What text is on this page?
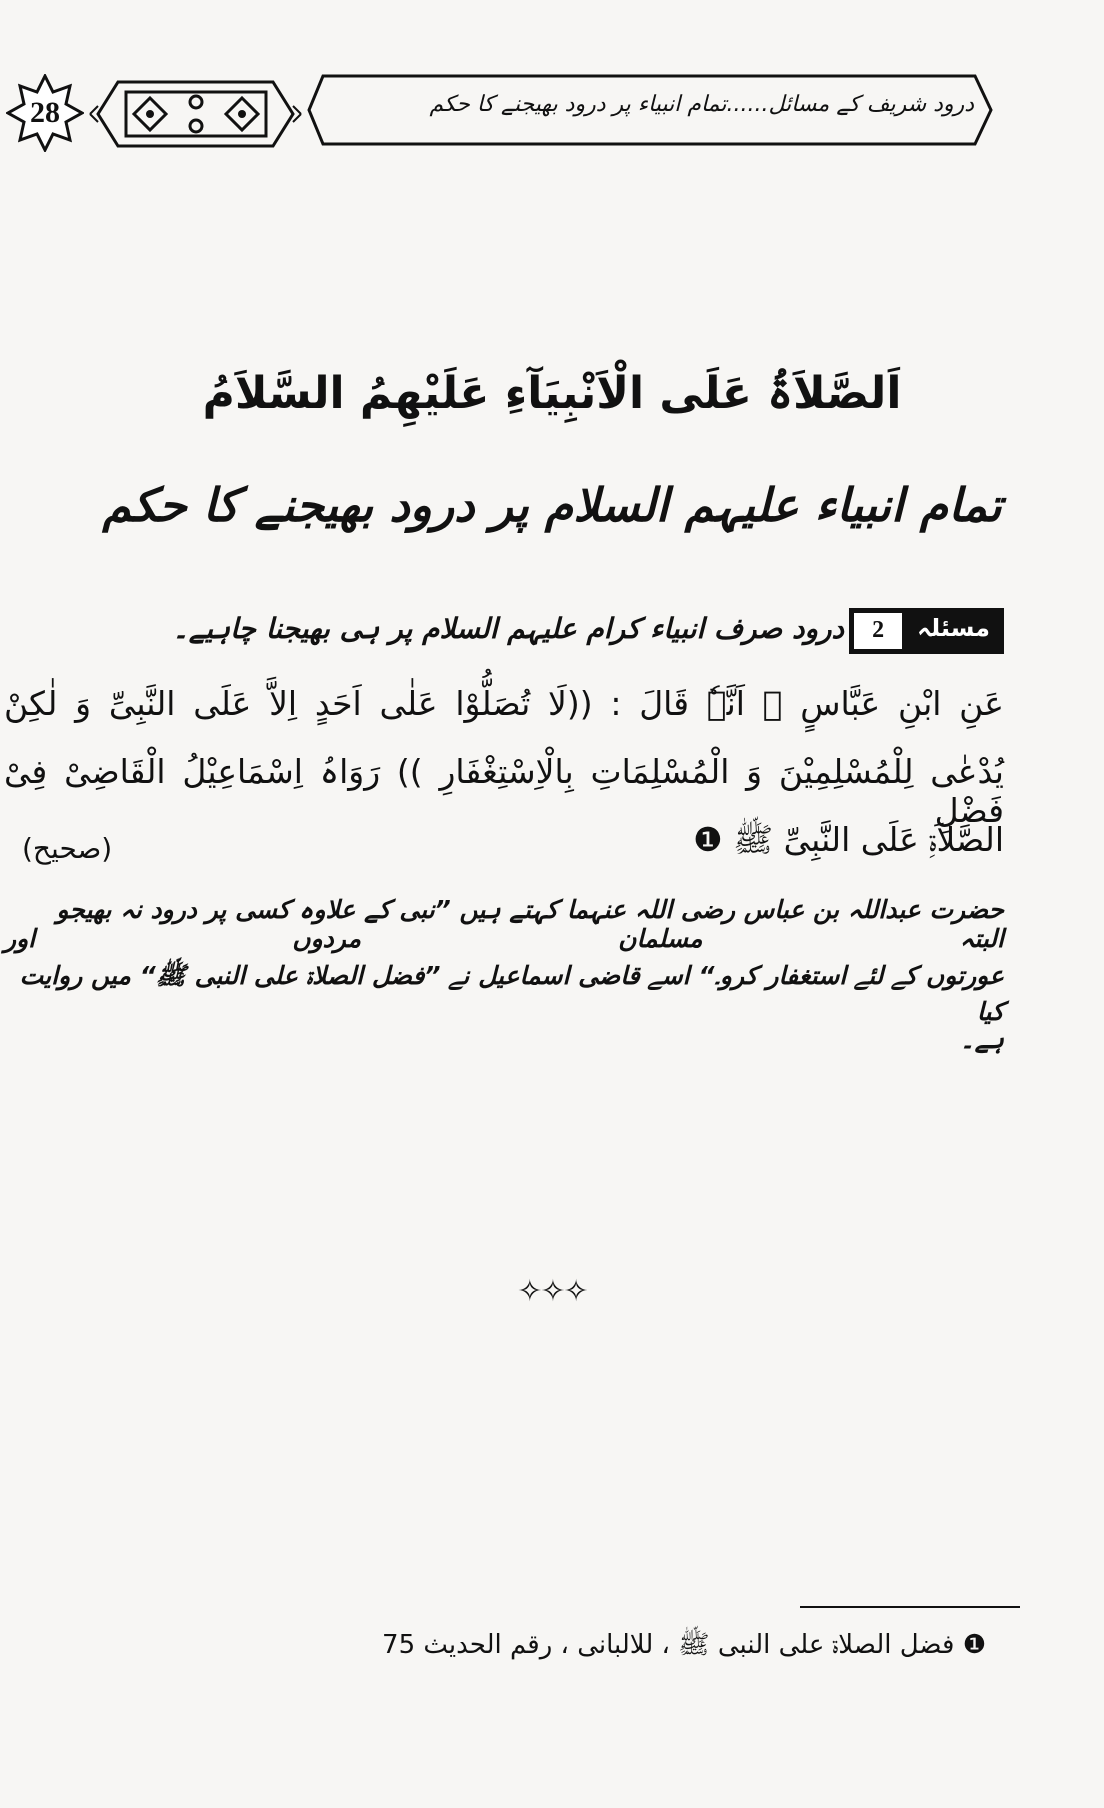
28	درود شریف کے مسائل......تمام انبیاء پر درود بھیجنے کا حکم
اَلصَّلاَۃُ عَلَی الْاَنْبِیَآءِ عَلَیْھِمُ السَّلاَمُ
تمام انبیاء علیہم السلام پر درود بھیجنے کا حکم
مسئلہ
2
درود صرف انبیاء کرام علیہم السلام پر ہی بھیجنا چاہیے۔
عَنِ ابْنِ عَبَّاسٍ ﷺ اَنَّہٗ قَالَ : ((لَا تُصَلُّوْا عَلٰی اَحَدٍ اِلاَّ عَلَی النَّبِیِّ وَ لٰکِنْ
یُدْعٰی لِلْمُسْلِمِیْنَ وَ الْمُسْلِمَاتِ بِالْاِسْتِغْفَارِ )) رَوَاہُ اِسْمَاعِیْلُ الْقَاضِیْ فِیْ فَضْلِ
الصَّلاَۃِ عَلَی النَّبِیِّ ﷺ ❶
(صحیح)
حضرت عبداللہ بن عباس رضی اللہ عنہما کہتے ہیں ”نبی کے علاوہ کسی پر درود نہ بھیجو البتہ مسلمان مردوں اور
عورتوں کے لئے استغفار کرو۔“ اسے قاضی اسماعیل نے ”فضل الصلاۃ علی النبی ﷺ“ میں روایت کیا
ہے۔
✧✧✧
❶ فضل الصلاۃ علی النبی ﷺ ، للالبانی ، رقم الحدیث 75
